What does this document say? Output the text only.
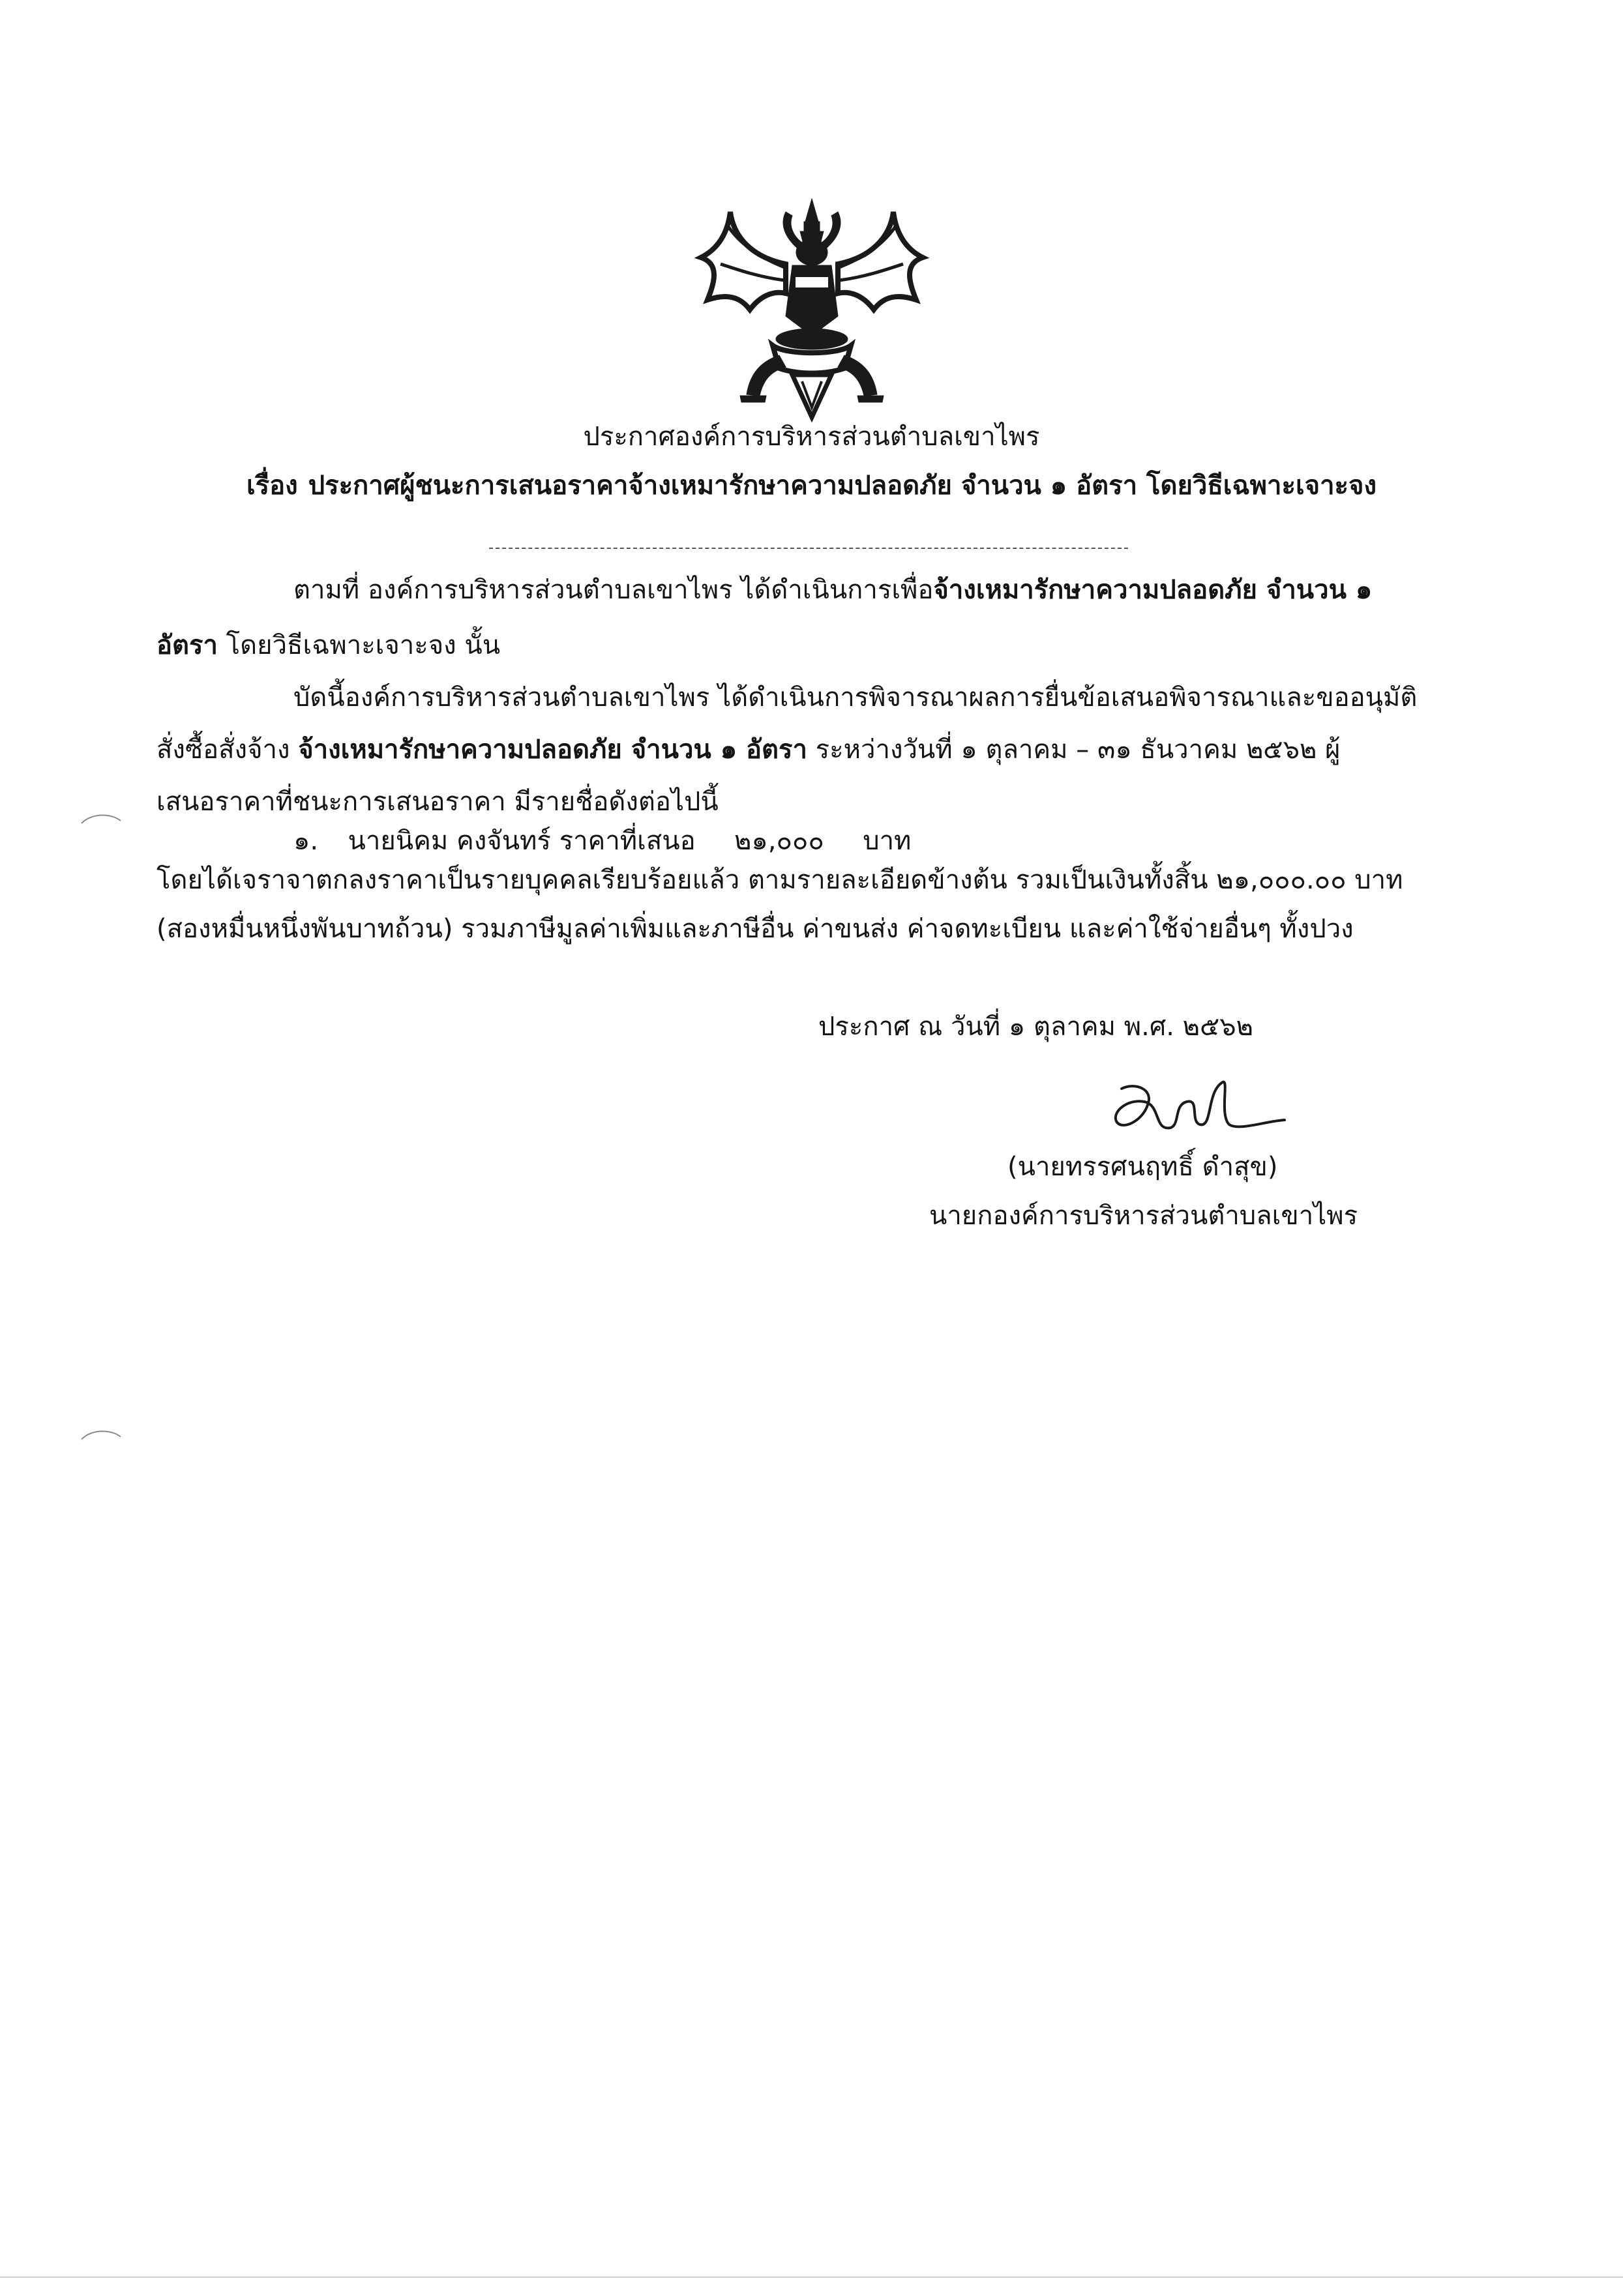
ประกาศองค์การบริหารส่วนตำบลเขาไพร
เรื่อง ประกาศผู้ชนะการเสนอราคาจ้างเหมารักษาความปลอดภัย จำนวน ๑ อัตรา โดยวิธีเฉพาะเจาะจง
ตามที่ องค์การบริหารส่วนตำบลเขาไพร ได้ดำเนินการเพื่อจ้างเหมารักษาความปลอดภัย จำนวน ๑
อัตรา โดยวิธีเฉพาะเจาะจง นั้น
บัดนี้องค์การบริหารส่วนตำบลเขาไพร ได้ดำเนินการพิจารณาผลการยื่นข้อเสนอพิจารณาและขออนุมัติ
สั่งซื้อสั่งจ้าง จ้างเหมารักษาความปลอดภัย จำนวน ๑ อัตรา ระหว่างวันที่ ๑ ตุลาคม – ๓๑ ธันวาคม ๒๕๖๒ ผู้
เสนอราคาที่ชนะการเสนอราคา มีรายชื่อดังต่อไปนี้
๑. นายนิคม คงจันทร์ ราคาที่เสนอ ๒๑,๐๐๐ บาท
โดยได้เจราจาตกลงราคาเป็นรายบุคคลเรียบร้อยแล้ว ตามรายละเอียดข้างต้น รวมเป็นเงินทั้งสิ้น ๒๑,๐๐๐.๐๐ บาท
(สองหมื่นหนึ่งพันบาทถ้วน) รวมภาษีมูลค่าเพิ่มและภาษีอื่น ค่าขนส่ง ค่าจดทะเบียน และค่าใช้จ่ายอื่นๆ ทั้งปวง
ประกาศ ณ วันที่ ๑ ตุลาคม พ.ศ. ๒๕๖๒
(นายทรรศนฤทธิ์ ดำสุข)
นายกองค์การบริหารส่วนตำบลเขาไพร
